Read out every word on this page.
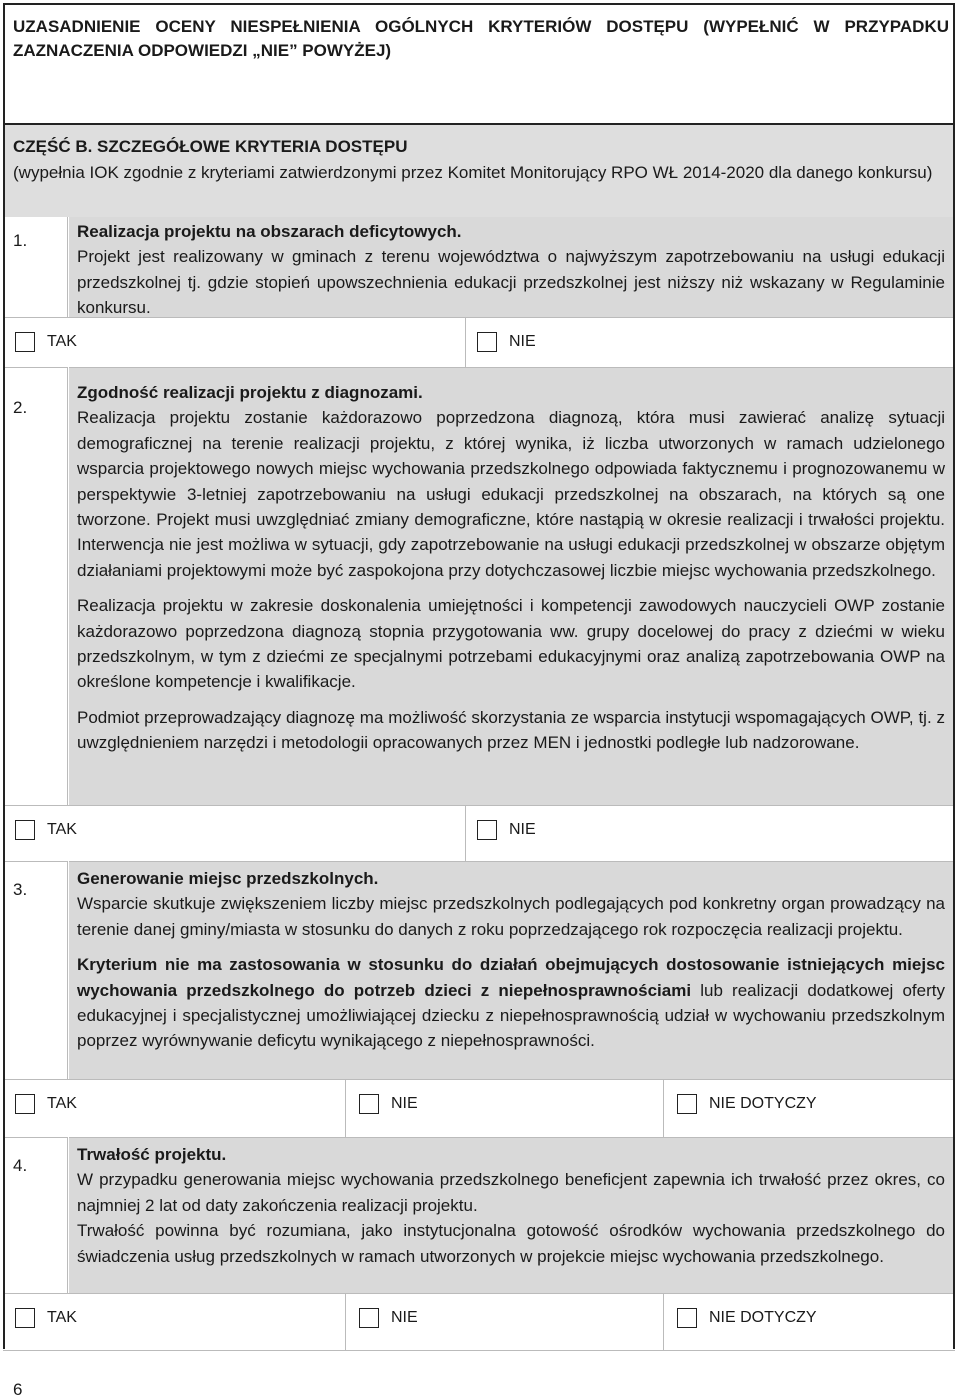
UZASADNIENIE OCENY NIESPEŁNIENIA OGÓLNYCH KRYTERIÓW DOSTĘPU (WYPEŁNIĆ W PRZYPADKU ZAZNACZENIA ODPOWIEDZI „NIE” POWYŻEJ)
CZĘŚĆ B. SZCZEGÓŁOWE KRYTERIA DOSTĘPU
(wypełnia IOK zgodnie z kryteriami zatwierdzonymi przez Komitet Monitorujący RPO WŁ 2014-2020 dla danego konkursu)
1.	Realizacja projektu na obszarach deficytowych.
Projekt jest realizowany w gminach z terenu województwa o najwyższym zapotrzebowaniu na usługi edukacji przedszkolnej tj. gdzie stopień upowszechnienia edukacji przedszkolnej jest niższy niż wskazany w Regulaminie konkursu.
TAK	NIE
2.
Zgodność realizacji projektu z diagnozami.
Realizacja projektu zostanie każdorazowo poprzedzona diagnozą, która musi zawierać analizę sytuacji demograficznej na terenie realizacji projektu, z której wynika, iż liczba utworzonych w ramach udzielonego wsparcia projektowego nowych miejsc wychowania przedszkolnego odpowiada faktycznemu i prognozowanemu w perspektywie 3-letniej zapotrzebowaniu na usługi edukacji przedszkolnej na obszarach, na których są one tworzone. Projekt musi uwzględniać zmiany demograficzne, które nastąpią w okresie realizacji i trwałości projektu. Interwencja nie jest możliwa w sytuacji, gdy zapotrzebowanie na usługi edukacji przedszkolnej w obszarze objętym działaniami projektowymi może być zaspokojona przy dotychczasowej liczbie miejsc wychowania przedszkolnego.
Realizacja projektu w zakresie doskonalenia umiejętności i kompetencji zawodowych nauczycieli OWP zostanie każdorazowo poprzedzona diagnozą stopnia przygotowania ww. grupy docelowej do pracy z dziećmi w wieku przedszkolnym, w tym z dziećmi ze specjalnymi potrzebami edukacyjnymi oraz analizą zapotrzebowania OWP na określone kompetencje i kwalifikacje.
Podmiot przeprowadzający diagnozę ma możliwość skorzystania ze wsparcia instytucji wspomagających OWP, tj. z uwzględnieniem narzędzi i metodologii opracowanych przez MEN i jednostki podległe lub nadzorowane.
TAK	NIE
3.
Generowanie miejsc przedszkolnych.
Wsparcie skutkuje zwiększeniem liczby miejsc przedszkolnych podlegających pod konkretny organ prowadzący na terenie danej gminy/miasta w stosunku do danych z roku poprzedzającego rok rozpoczęcia realizacji projektu.
Kryterium nie ma zastosowania w stosunku do działań obejmujących dostosowanie istniejących miejsc wychowania przedszkolnego do potrzeb dzieci z niepełnosprawnościami lub realizacji dodatkowej oferty edukacyjnej i specjalistycznej umożliwiającej dziecku z niepełnosprawnością udział w wychowaniu przedszkolnym poprzez wyrównywanie deficytu wynikającego z niepełnosprawności.
TAK	NIE	NIE DOTYCZY
4.
Trwałość projektu.
W przypadku generowania miejsc wychowania przedszkolnego beneficjent zapewnia ich trwałość przez okres, co najmniej 2 lat od daty zakończenia realizacji projektu.
Trwałość powinna być rozumiana, jako instytucjonalna gotowość ośrodków wychowania przedszkolnego do świadczenia usług przedszkolnych w ramach utworzonych w projekcie miejsc wychowania przedszkolnego.
TAK	NIE	NIE DOTYCZY
6
